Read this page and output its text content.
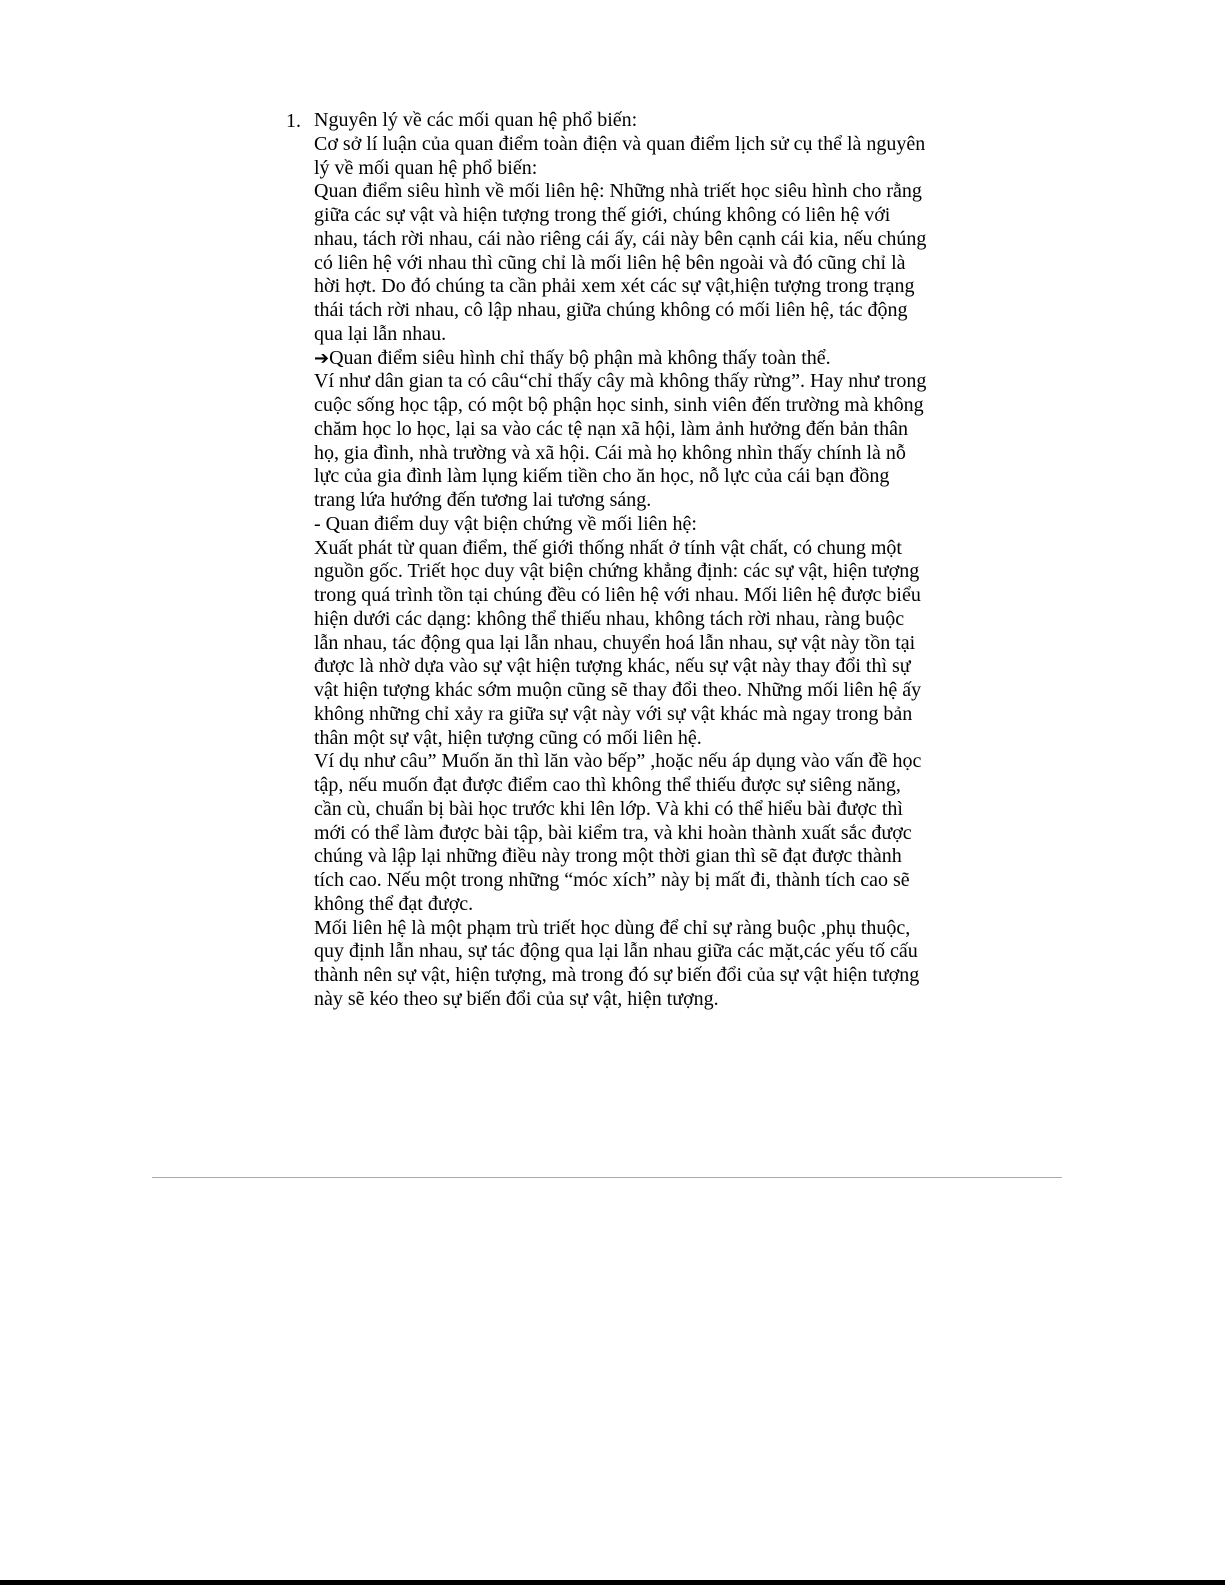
1. Nguyên lý về các mối quan hệ phổ biến:
Cơ sở lí luận của quan điểm toàn điện và quan điểm lịch sử cụ thể là nguyên
lý về mối quan hệ phổ biến:
Quan điểm siêu hình về mối liên hệ: Những nhà triết học siêu hình cho rằng
giữa các sự vật và hiện tượng trong thế giới, chúng không có liên hệ với
nhau, tách rời nhau, cái nào riêng cái ấy, cái này bên cạnh cái kia, nếu chúng
có liên hệ với nhau thì cũng chỉ là mối liên hệ bên ngoài và đó cũng chỉ là
hời hợt. Do đó chúng ta cần phải xem xét các sự vật,hiện tượng trong trạng
thái tách rời nhau, cô lập nhau, giữa chúng không có mối liên hệ, tác động
qua lại lẫn nhau.
➔Quan điểm siêu hình chỉ thấy bộ phận mà không thấy toàn thể.
Ví như dân gian ta có câu“chỉ thấy cây mà không thấy rừng”. Hay như trong
cuộc sống học tập, có một bộ phận học sinh, sinh viên đến trường mà không
chăm học lo học, lại sa vào các tệ nạn xã hội, làm ảnh hưởng đến bản thân
họ, gia đình, nhà trường và xã hội. Cái mà họ không nhìn thấy chính là nỗ
lực của gia đình làm lụng kiếm tiền cho ăn học, nỗ lực của cái bạn đồng
trang lứa hướng đến tương lai tương sáng.
- Quan điểm duy vật biện chứng về mối liên hệ:
Xuất phát từ quan điểm, thế giới thống nhất ở tính vật chất, có chung một
nguồn gốc. Triết học duy vật biện chứng khẳng định: các sự vật, hiện tượng
trong quá trình tồn tại chúng đều có liên hệ với nhau. Mối liên hệ được biểu
hiện dưới các dạng: không thể thiếu nhau, không tách rời nhau, ràng buộc
lẫn nhau, tác động qua lại lẫn nhau, chuyển hoá lẫn nhau, sự vật này tồn tại
được là nhờ dựa vào sự vật hiện tượng khác, nếu sự vật này thay đổi thì sự
vật hiện tượng khác sớm muộn cũng sẽ thay đổi theo. Những mối liên hệ ấy
không những chỉ xảy ra giữa sự vật này với sự vật khác mà ngay trong bản
thân một sự vật, hiện tượng cũng có mối liên hệ.
Ví dụ như câu” Muốn ăn thì lăn vào bếp” ,hoặc nếu áp dụng vào vấn đề học
tập, nếu muốn đạt được điểm cao thì không thể thiếu được sự siêng năng,
cần cù, chuẩn bị bài học trước khi lên lớp. Và khi có thể hiểu bài được thì
mới có thể làm được bài tập, bài kiểm tra, và khi hoàn thành xuất sắc được
chúng và lập lại những điều này trong một thời gian thì sẽ đạt được thành
tích cao. Nếu một trong những “móc xích” này bị mất đi, thành tích cao sẽ
không thể đạt được.
Mối liên hệ là một phạm trù triết học dùng để chỉ sự ràng buộc ,phụ thuộc,
quy định lẫn nhau, sự tác động qua lại lẫn nhau giữa các mặt,các yếu tố cấu
thành nên sự vật, hiện tượng, mà trong đó sự biến đổi của sự vật hiện tượng
này sẽ kéo theo sự biến đổi của sự vật, hiện tượng.
